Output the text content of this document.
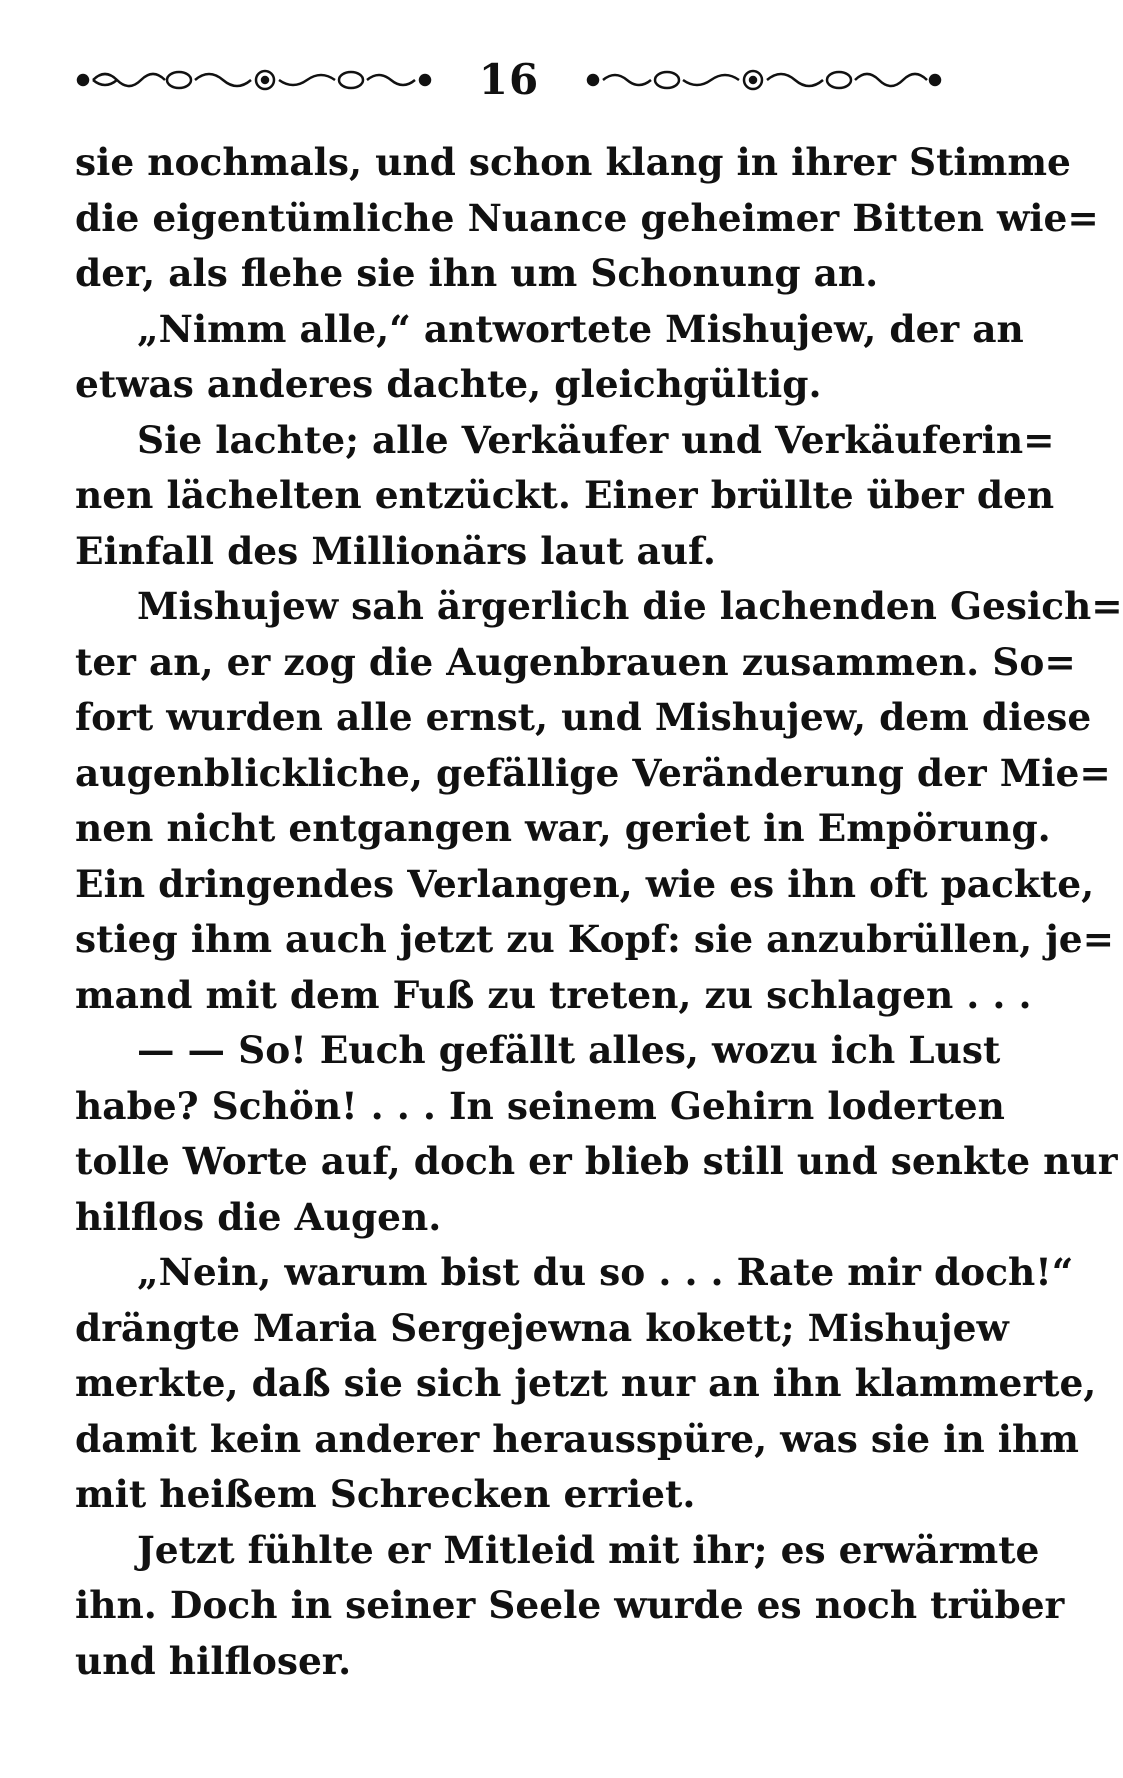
16
sie nochmals, und schon klang in ihrer Stimme
die eigentümliche Nuance geheimer Bitten wie=
der, als flehe sie ihn um Schonung an.
„Nimm alle,“ antwortete Mishujew, der an
etwas anderes dachte, gleichgültig.
Sie lachte; alle Verkäufer und Verkäuferin=
nen lächelten entzückt. Einer brüllte über den
Einfall des Millionärs laut auf.
Mishujew sah ärgerlich die lachenden Gesich=
ter an, er zog die Augenbrauen zusammen. So=
fort wurden alle ernst, und Mishujew, dem diese
augenblickliche, gefällige Veränderung der Mie=
nen nicht entgangen war, geriet in Empörung.
Ein dringendes Verlangen, wie es ihn oft packte,
stieg ihm auch jetzt zu Kopf: sie anzubrüllen, je=
mand mit dem Fuß zu treten, zu schlagen . . .
— — So! Euch gefällt alles, wozu ich Lust
habe? Schön! . . . In seinem Gehirn loderten
tolle Worte auf, doch er blieb still und senkte nur
hilflos die Augen.
„Nein, warum bist du so . . . Rate mir doch!“
drängte Maria Sergejewna kokett; Mishujew
merkte, daß sie sich jetzt nur an ihn klammerte,
damit kein anderer herausspüre, was sie in ihm
mit heißem Schrecken erriet.
Jetzt fühlte er Mitleid mit ihr; es erwärmte
ihn. Doch in seiner Seele wurde es noch trüber
und hilfloser.
